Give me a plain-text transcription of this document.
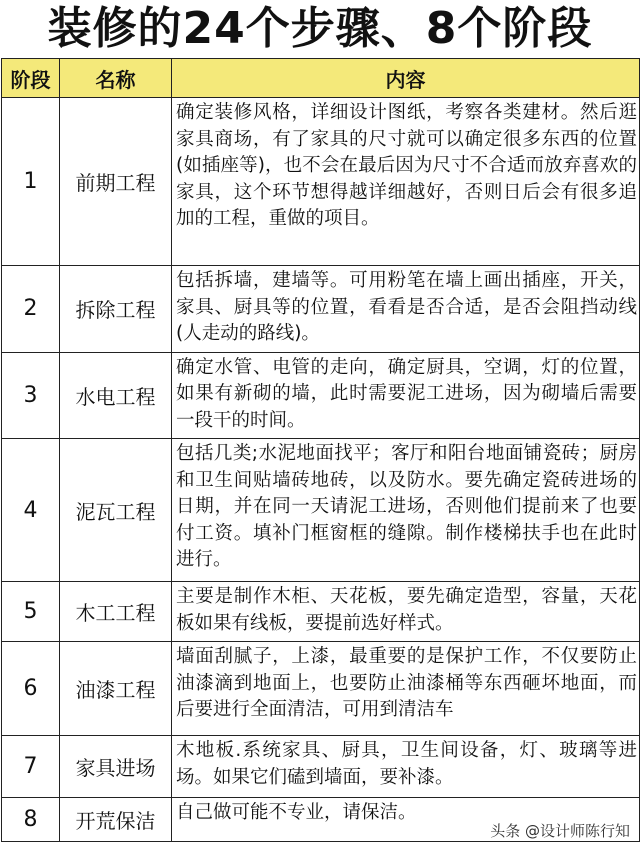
装修的24个步骤、8个阶段
阶段	名称	内容
1	前期工程	确定装修风格，详细设计图纸，考察各类建材。然后逛家具商场，有了家具的尺寸就可以确定很多东西的位置(如插座等)，也不会在最后因为尺寸不合适而放弃喜欢的家具，这个环节想得越详细越好，否则日后会有很多追加的工程，重做的项目。
2	拆除工程	包括拆墙，建墙等。可用粉笔在墙上画出插座，开关，家具、厨具等的位置，看看是否合适，是否会阻挡动线(人走动的路线)。
3	水电工程	确定水管、电管的走向，确定厨具，空调，灯的位置，如果有新砌的墙，此时需要泥工进场，因为砌墙后需要一段干的时间。
4	泥瓦工程	包括几类;水泥地面找平；客厅和阳台地面铺瓷砖；厨房和卫生间贴墙砖地砖，以及防水。要先确定瓷砖进场的日期，并在同一天请泥工进场，否则他们提前来了也要付工资。填补门框窗框的缝隙。制作楼梯扶手也在此时进行。
5	木工工程	主要是制作木柜、天花板，要先确定造型，容量，天花板如果有线板，要提前选好样式。
6	油漆工程	墙面刮腻子，上漆，最重要的是保护工作，不仅要防止油漆滴到地面上，也要防止油漆桶等东西砸坏地面，而后要进行全面清洁，可用到清洁车
7	家具进场	木地板.系统家具、厨具，卫生间设备，灯、玻璃等进场。如果它们磕到墙面，要补漆。
8	开荒保洁	自己做可能不专业，请保洁。
头条 @设计师陈行知
